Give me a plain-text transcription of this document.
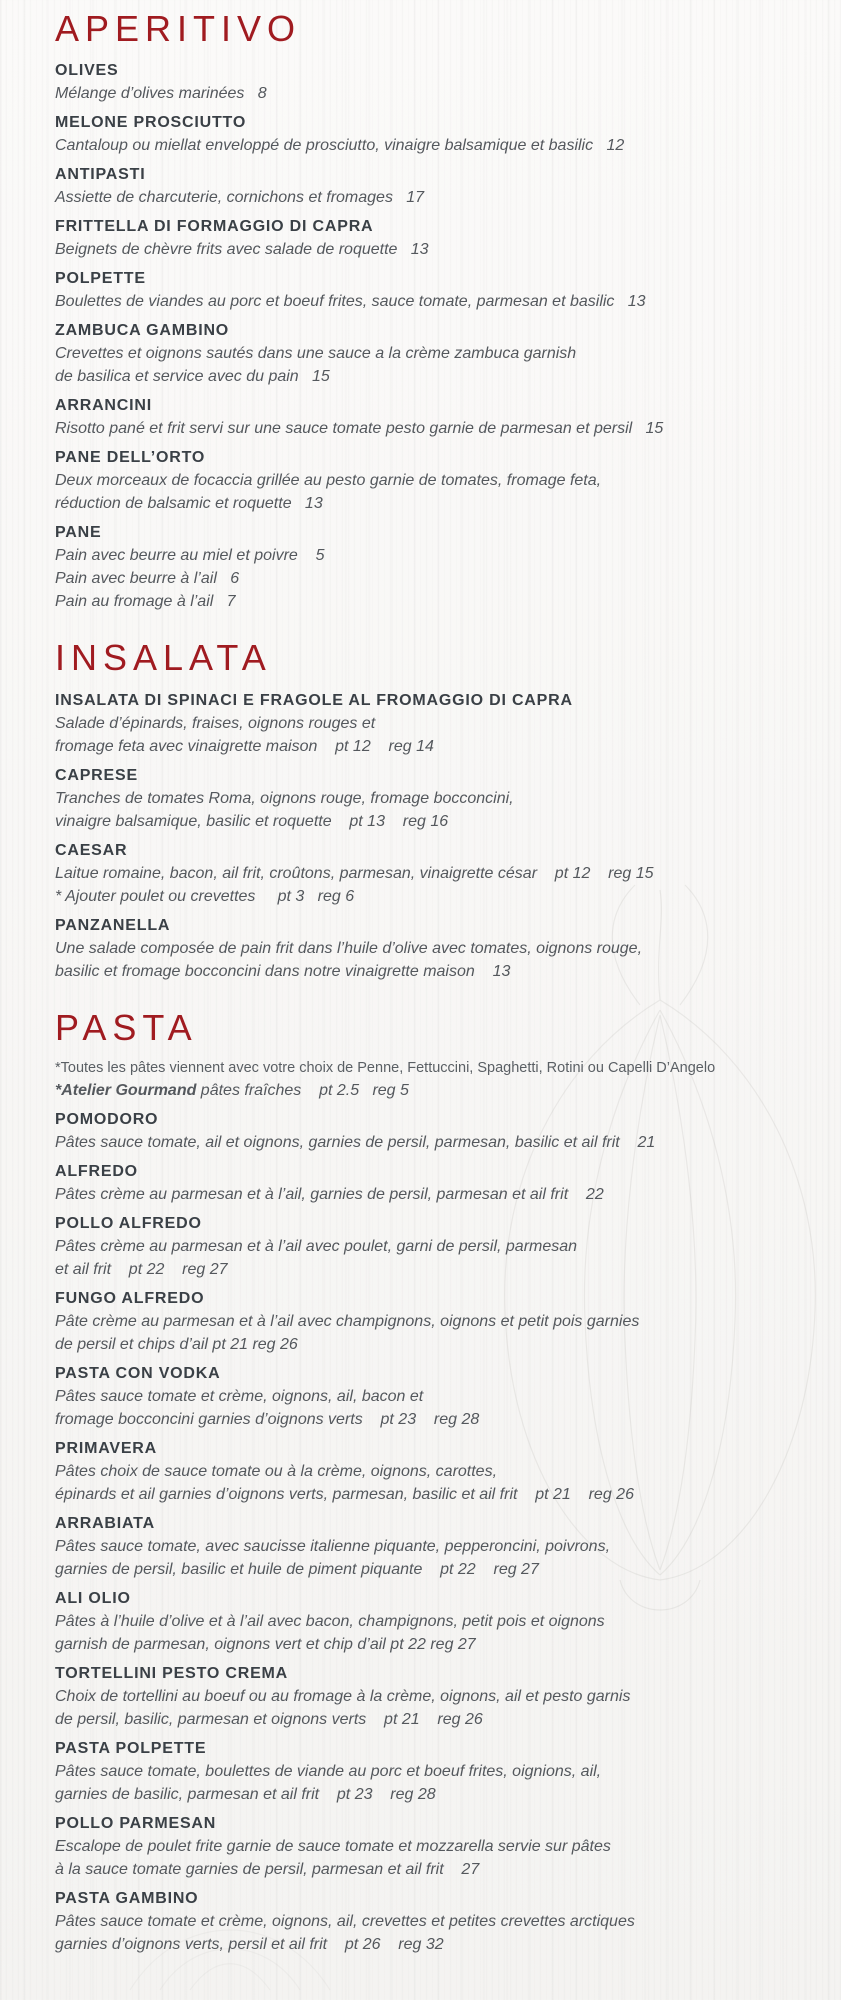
APERITIVO
OLIVES
Mélange d’olives marinées   8
MELONE PROSCIUTTO
Cantaloup ou miellat enveloppé de prosciutto, vinaigre balsamique et basilic   12
ANTIPASTI
Assiette de charcuterie, cornichons et fromages   17
FRITTELLA DI FORMAGGIO DI CAPRA
Beignets de chèvre frits avec salade de roquette   13
POLPETTE
Boulettes de viandes au porc et boeuf frites, sauce tomate, parmesan et basilic   13
ZAMBUCA GAMBINO
Crevettes et oignons sautés dans une sauce a la crème zambuca garnish
de basilica et service avec du pain   15
ARRANCINI
Risotto pané et frit servi sur une sauce tomate pesto garnie de parmesan et persil   15
PANE DELL’ORTO
Deux morceaux de focaccia grillée au pesto garnie de tomates, fromage feta,
réduction de balsamic et roquette   13
PANE
Pain avec beurre au miel et poivre    5
Pain avec beurre à l’ail   6
Pain au fromage à l’ail   7
INSALATA
INSALATA DI SPINACI E FRAGOLE AL FROMAGGIO DI CAPRA
Salade d’épinards, fraises, oignons rouges et
fromage feta avec vinaigrette maison    pt 12    reg 14
CAPRESE
Tranches de tomates Roma, oignons rouge, fromage bocconcini,
vinaigre balsamique, basilic et roquette    pt 13    reg 16
CAESAR
Laitue romaine, bacon, ail frit, croûtons, parmesan, vinaigrette césar    pt 12    reg 15
* Ajouter poulet ou crevettes     pt 3   reg 6
PANZANELLA
Une salade composée de pain frit dans l’huile d’olive avec tomates, oignons rouge,
basilic et fromage bocconcini dans notre vinaigrette maison    13
PASTA
*Toutes les pâtes viennent avec votre choix de Penne, Fettuccini, Spaghetti, Rotini ou Capelli D’Angelo
*Atelier Gourmand pâtes fraîches    pt 2.5   reg 5
POMODORO
Pâtes sauce tomate, ail et oignons, garnies de persil, parmesan, basilic et ail frit    21
ALFREDO
Pâtes crème au parmesan et à l’ail, garnies de persil, parmesan et ail frit    22
POLLO ALFREDO
Pâtes crème au parmesan et à l’ail avec poulet, garni de persil, parmesan
et ail frit    pt 22    reg 27
FUNGO ALFREDO
Pâte crème au parmesan et à l’ail avec champignons, oignons et petit pois garnies
de persil et chips d’ail pt 21 reg 26
PASTA CON VODKA
Pâtes sauce tomate et crème, oignons, ail, bacon et
fromage bocconcini garnies d’oignons verts    pt 23    reg 28
PRIMAVERA
Pâtes choix de sauce tomate ou à la crème, oignons, carottes,
épinards et ail garnies d’oignons verts, parmesan, basilic et ail frit    pt 21    reg 26
ARRABIATA
Pâtes sauce tomate, avec saucisse italienne piquante, pepperoncini, poivrons,
garnies de persil, basilic et huile de piment piquante    pt 22    reg 27
ALI OLIO
Pâtes à l’huile d’olive et à l’ail avec bacon, champignons, petit pois et oignons
garnish de parmesan, oignons vert et chip d’ail pt 22 reg 27
TORTELLINI PESTO CREMA
Choix de tortellini au boeuf ou au fromage à la crème, oignons, ail et pesto garnis
de persil, basilic, parmesan et oignons verts    pt 21    reg 26
PASTA POLPETTE
Pâtes sauce tomate, boulettes de viande au porc et boeuf frites, oignions, ail,
garnies de basilic, parmesan et ail frit    pt 23    reg 28
POLLO PARMESAN
Escalope de poulet frite garnie de sauce tomate et mozzarella servie sur pâtes
à la sauce tomate garnies de persil, parmesan et ail frit    27
PASTA GAMBINO
Pâtes sauce tomate et crème, oignons, ail, crevettes et petites crevettes arctiques
garnies d’oignons verts, persil et ail frit    pt 26    reg 32
